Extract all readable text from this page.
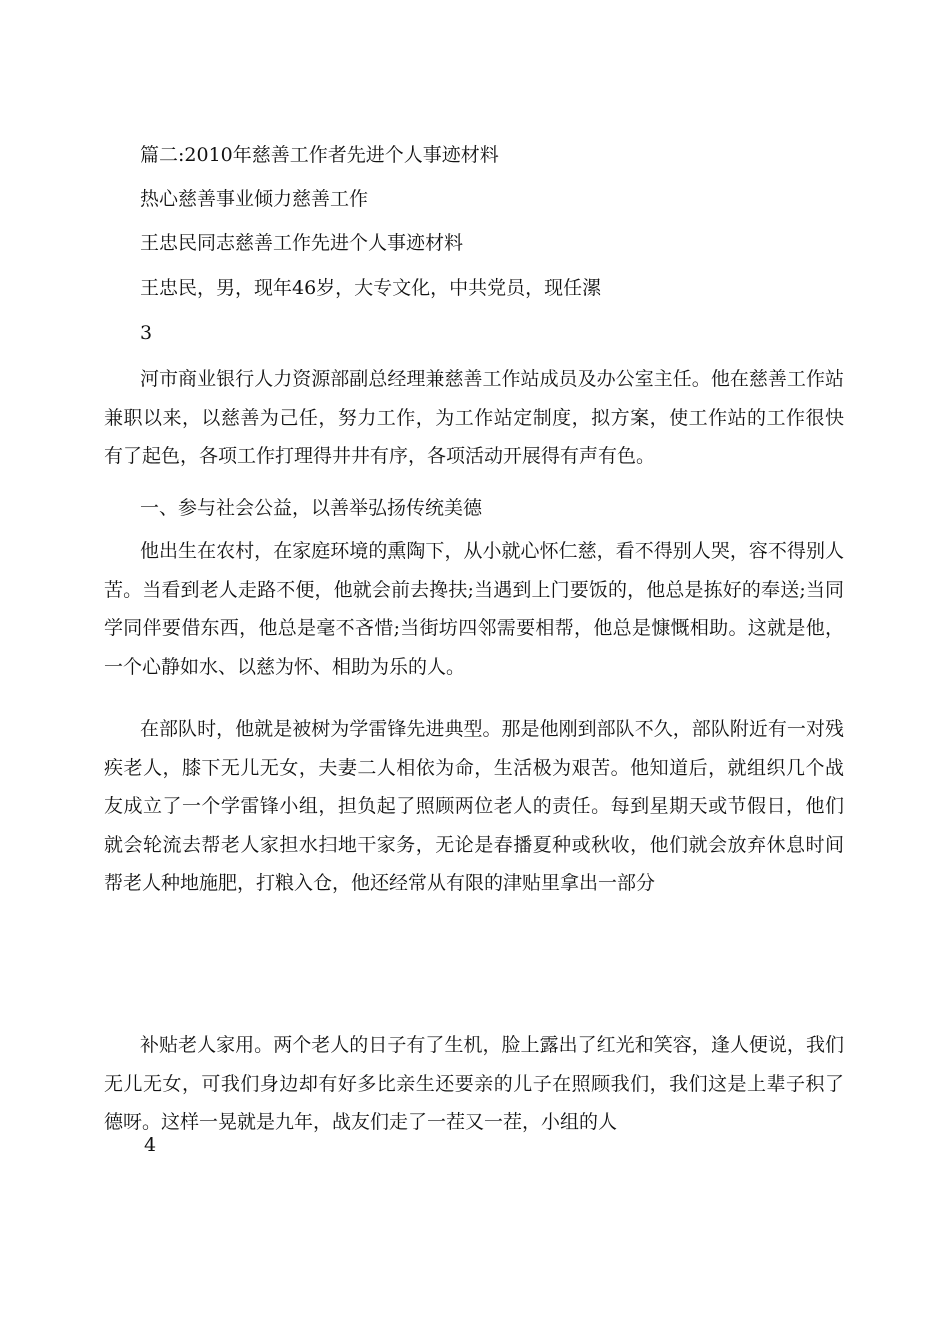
篇二:2010年慈善工作者先进个人事迹材料
热心慈善事业倾力慈善工作
王忠民同志慈善工作先进个人事迹材料
王忠民，男，现年46岁，大专文化，中共党员，现任漯
3

河市商业银行人力资源部副总经理兼慈善工作站成员及办公室主任。他在慈善工作站兼职以来，以慈善为己任，努力工作，为工作站定制度，拟方案，使工作站的工作很快有了起色，各项工作打理得井井有序，各项活动开展得有声有色。

一、参与社会公益，以善举弘扬传统美德

他出生在农村，在家庭环境的熏陶下，从小就心怀仁慈，看不得别人哭，容不得别人苦。当看到老人走路不便，他就会前去搀扶;当遇到上门要饭的，他总是拣好的奉送;当同学同伴要借东西，他总是毫不吝惜;当街坊四邻需要相帮，他总是慷慨相助。这就是他，一个心静如水、以慈为怀、相助为乐的人。

在部队时，他就是被树为学雷锋先进典型。那是他刚到部队不久，部队附近有一对残疾老人，膝下无儿无女，夫妻二人相依为命，生活极为艰苦。他知道后，就组织几个战友成立了一个学雷锋小组，担负起了照顾两位老人的责任。每到星期天或节假日，他们就会轮流去帮老人家担水扫地干家务，无论是春播夏种或秋收，他们就会放弃休息时间帮老人种地施肥，打粮入仓，他还经常从有限的津贴里拿出一部分

补贴老人家用。两个老人的日子有了生机，脸上露出了红光和笑容，逢人便说，我们无儿无女，可我们身边却有好多比亲生还要亲的儿子在照顾我们，我们这是上辈子积了德呀。这样一晃就是九年，战友们走了一茬又一茬，小组的人

4
